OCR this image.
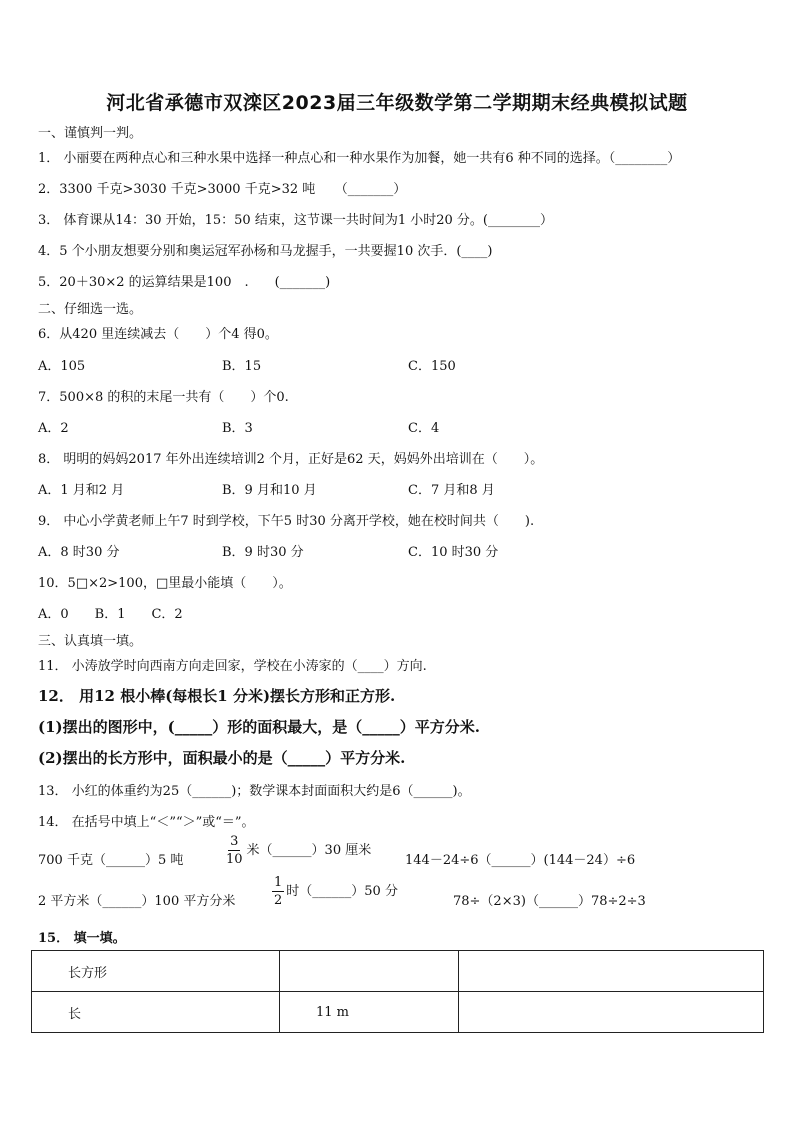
河北省承德市双滦区2023届三年级数学第二学期期末经典模拟试题
一、谨慎判一判。
1． 小丽要在两种点心和三种水果中选择一种点心和一种水果作为加餐，她一共有6 种不同的选择。（________）
2．3300 千克>3030 千克>3000 千克>32 吨　　（_______）
3． 体育课从14：30 开始，15：50 结束，这节课一共时间为1 小时20 分。(________）
4．5 个小朋友想要分别和奥运冠军孙杨和马龙握手，一共要握10 次手．(____)
5．20＋30×2 的运算结果是100　.　　(_______)
二、仔细选一选。
6．从420 里连续减去（　　）个4 得0。
A．105	B．15	C．150
7．500×8 的积的末尾一共有（　　）个0.
A．2	B．3	C．4
8． 明明的妈妈2017 年外出连续培训2 个月，正好是62 天，妈妈外出培训在（　　）。
A．1 月和2 月	B．9 月和10 月	C．7 月和8 月
9． 中心小学黄老师上午7 时到学校，下午5 时30 分离开学校，她在校时间共（　　).
A．8 时30 分	B．9 时30 分	C．10 时30 分
10．5□×2>100，□里最小能填（　　）。
A．0　　B．1　　C．2
三、认真填一填。
11． 小涛放学时向西南方向走回家，学校在小涛家的（____）方向.
12． 用12 根小棒(每根长1 分米)摆长方形和正方形.
(1)摆出的图形中，(_____）形的面积最大，是（_____）平方分米.
(2)摆出的长方形中，面积最小的是（_____）平方分米.
13． 小红的体重约为25（______)；数学课本封面面积大约是6（______)。
14． 在括号中填上“＜”“＞”或“＝”。
700 千克（______）5 吨	$\frac{3}{10}$ 米（______）30 厘米
144－24÷6（______）(144－24）÷6
2 平方米（______）100 平方分米	$\frac{1}{2}$ 时（______）50 分
78÷（2×3)（______）78÷2÷3
15． 填一填。
长方形		
长	11 m	
